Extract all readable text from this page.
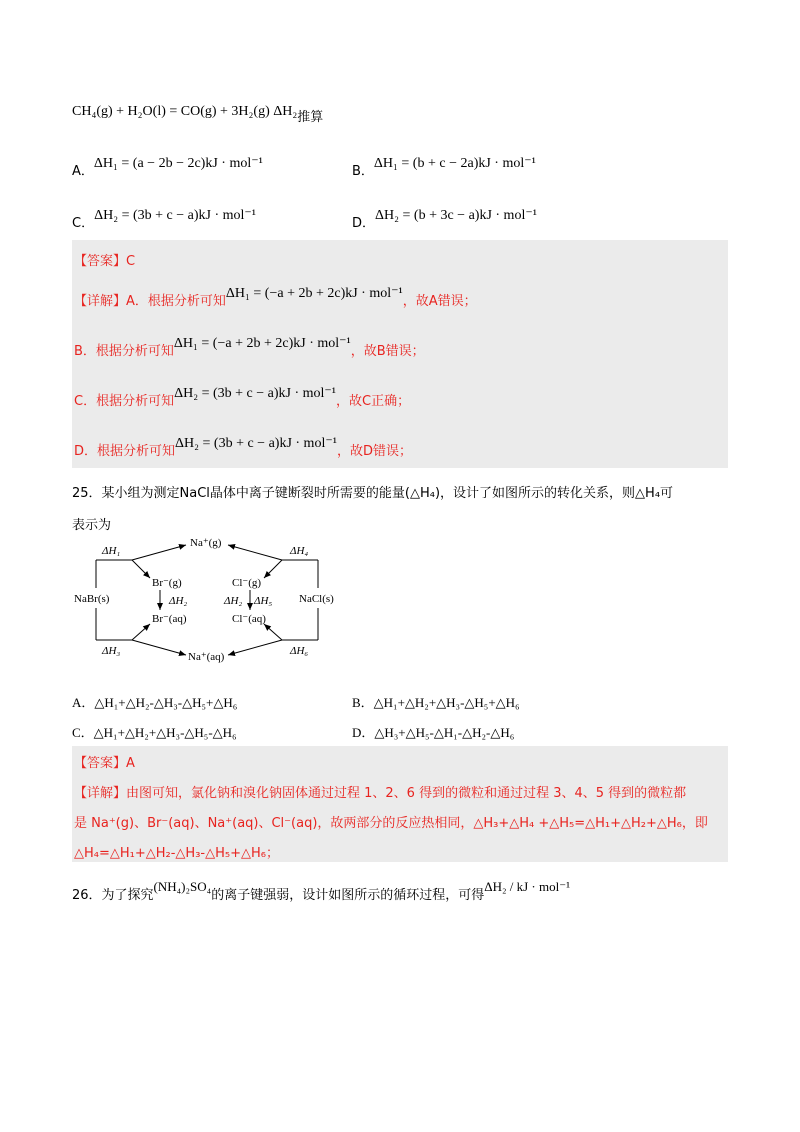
CH₄(g) + H₂O(l) = CO(g) + 3H₂(g) ΔH₂推算
A．ΔH₁ = (a − 2b − 2c)kJ · mol⁻¹
B．ΔH₁ = (b + c − 2a)kJ · mol⁻¹
C．ΔH₂ = (3b + c − a)kJ · mol⁻¹
D．ΔH₂ = (b + 3c − a)kJ · mol⁻¹
【答案】C
【详解】A．根据分析可知ΔH₁ = (−a + 2b + 2c)kJ · mol⁻¹，故A错误；
B．根据分析可知ΔH₁ = (−a + 2b + 2c)kJ · mol⁻¹，故B错误；
C．根据分析可知ΔH₂ = (3b + c − a)kJ · mol⁻¹，故C正确；
D．根据分析可知ΔH₂ = (3b + c − a)kJ · mol⁻¹，故D错误；
25．某小组为测定NaCl晶体中离子键断裂时所需要的能量(△H₄)，设计了如图所示的转化关系，则△H₄可
表示为
Na⁺(g)
Br⁻(g)
Br⁻(aq)
NaBr(s)
Cl⁻(g)
Cl⁻(aq)
NaCl(s)
Na⁺(aq)
ΔH₁
ΔH₂
ΔH₃
ΔH₄
ΔH₂ ΔH₅
ΔH₆
A．△H₁+△H₂-△H₃-△H₅+△H₆	B．△H₁+△H₂+△H₃-△H₅+△H₆
C．△H₁+△H₂+△H₃-△H₅-△H₆	D．△H₃+△H₅-△H₁-△H₂-△H₆
【答案】A
【详解】由图可知，氯化钠和溴化钠固体通过过程 1、2、6 得到的微粒和通过过程 3、4、5 得到的微粒都
是 Na⁺(g)、Br⁻(aq)、Na⁺(aq)、Cl⁻(aq)，故两部分的反应热相同，△H₃+△H₄ +△H₅=△H₁+△H₂+△H₆，即
△H₄=△H₁+△H₂-△H₃-△H₅+△H₆；
26．为了探究(NH₄)₂SO₄的离子键强弱，设计如图所示的循环过程，可得ΔH₂ / kJ · mol⁻¹
